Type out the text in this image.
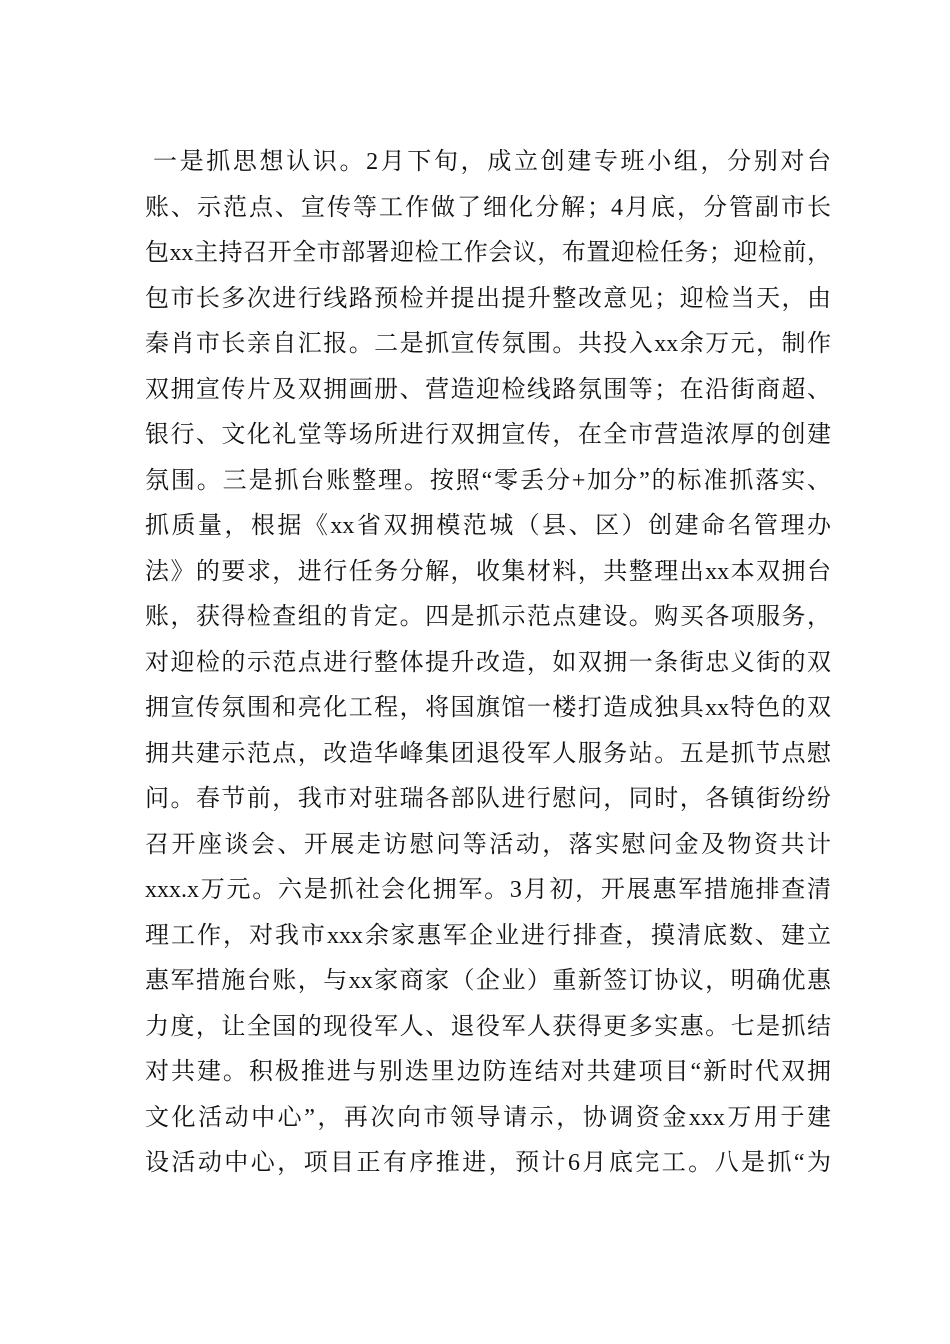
一是抓思想认识。2月下旬，成立创建专班小组，分别对台
账、示范点、宣传等工作做了细化分解；4月底，分管副市长
包xx主持召开全市部署迎检工作会议，布置迎检任务；迎检前，
包市长多次进行线路预检并提出提升整改意见；迎检当天，由
秦肖市长亲自汇报。二是抓宣传氛围。共投入xx余万元，制作
双拥宣传片及双拥画册、营造迎检线路氛围等；在沿街商超、
银行、文化礼堂等场所进行双拥宣传，在全市营造浓厚的创建
氛围。三是抓台账整理。按照“零丢分+加分”的标准抓落实、
抓质量，根据《xx省双拥模范城（县、区）创建命名管理办
法》的要求，进行任务分解，收集材料，共整理出xx本双拥台
账，获得检查组的肯定。四是抓示范点建设。购买各项服务，
对迎检的示范点进行整体提升改造，如双拥一条街忠义街的双
拥宣传氛围和亮化工程，将国旗馆一楼打造成独具xx特色的双
拥共建示范点，改造华峰集团退役军人服务站。五是抓节点慰
问。春节前，我市对驻瑞各部队进行慰问，同时，各镇街纷纷
召开座谈会、开展走访慰问等活动，落实慰问金及物资共计
xxx.x万元。六是抓社会化拥军。3月初，开展惠军措施排查清
理工作，对我市xxx余家惠军企业进行排查，摸清底数、建立
惠军措施台账，与xx家商家（企业）重新签订协议，明确优惠
力度，让全国的现役军人、退役军人获得更多实惠。七是抓结
对共建。积极推进与别迭里边防连结对共建项目“新时代双拥
文化活动中心”，再次向市领导请示，协调资金xxx万用于建
设活动中心，项目正有序推进，预计6月底完工。八是抓“为
